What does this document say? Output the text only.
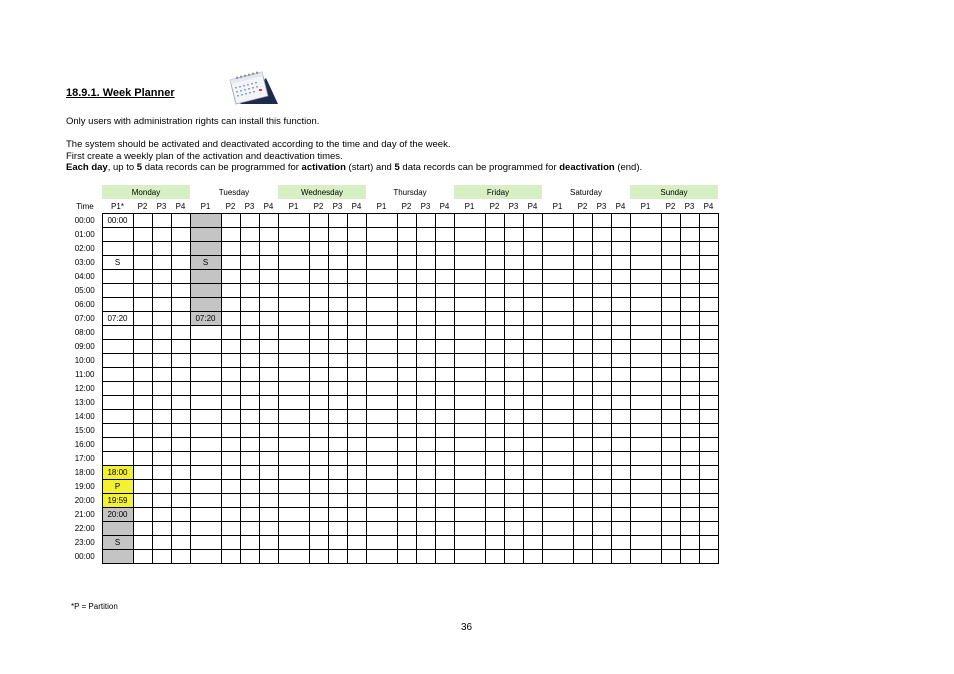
18.9.1. Week Planner
Only users with administration rights can install this function.
The system should be activated and deactivated according to the time and day of the week.
First create a weekly plan of the activation and deactivation times.
Each day, up to 5 data records can be programmed for activation (start) and 5 data records can be programmed for deactivation (end).
	Monday				Tuesday				Wednesday				Thursday				Friday				Saturday				Sunday			
Time	P1*	P2	P3	P4	P1	P2	P3	P4	P1	P2	P3	P4	P1	P2	P3	P4	P1	P2	P3	P4	P1	P2	P3	P4	P1	P2	P3	P4
00:00	00:00																											
01:00																												
02:00																												
03:00	S				S																							
04:00																												
05:00																												
06:00																												
07:00	07:20				07:20																							
08:00																												
09:00																												
10:00																												
11:00																												
12:00																												
13:00																												
14:00																												
15:00																												
16:00																												
17:00																												
18:00	18:00																											
19:00	P																											
20:00	19:59																											
21:00	20:00																											
22:00																												
23:00	S																											
00:00																												
*P = Partition
36
